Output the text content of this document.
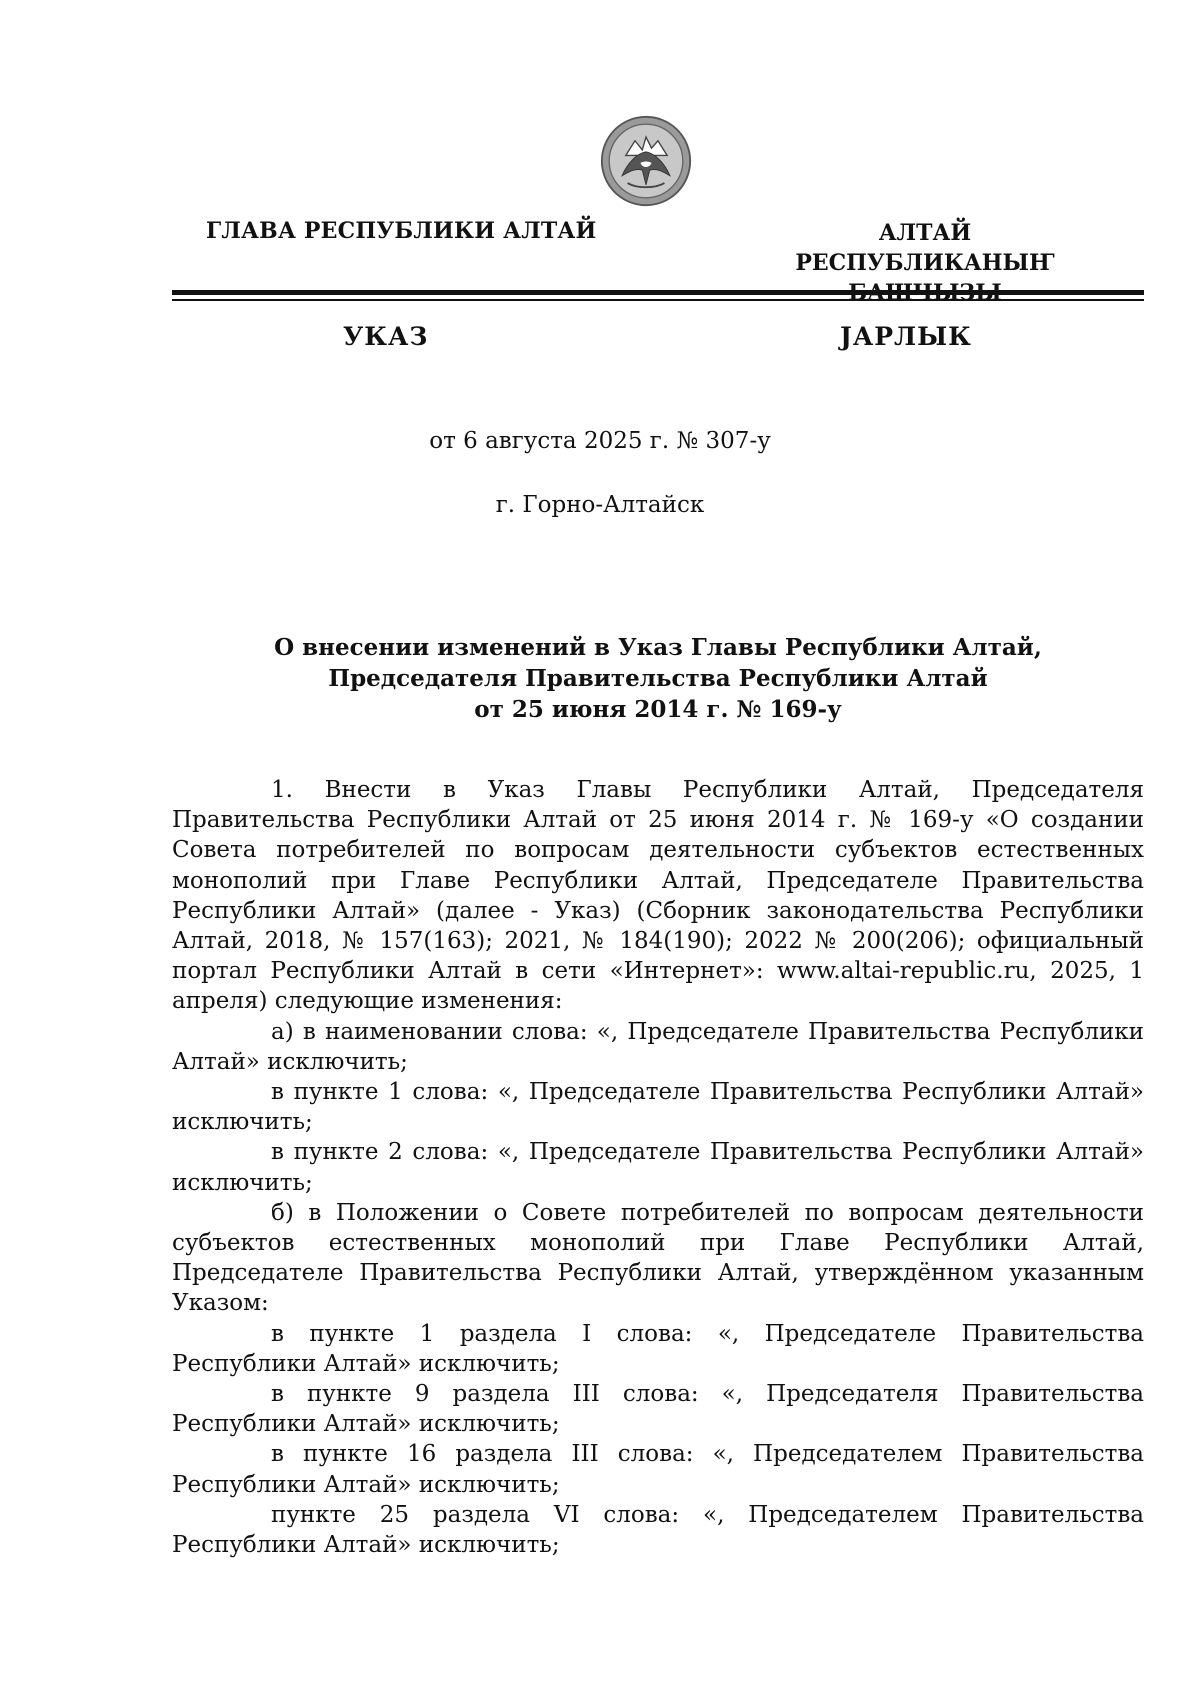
ГЛАВА РЕСПУБЛИКИ АЛТАЙ	АЛТАЙ РЕСПУБЛИКАНЫҤ
УКАЗ	ЈАРЛЫК
от 6 августа 2025 г. № 307-у
г. Горно-Алтайск
О внесении изменений в Указ Главы Республики Алтай,
Председателя Правительства Республики Алтай
от 25 июня 2014 г. № 169-у

1. Внести в Указ Главы Республики Алтай, Председателя Правительства Республики Алтай от 25 июня 2014 г. № 169-у «О создании Совета потребителей по вопросам деятельности субъектов естественных монополий при Главе Республики Алтай, Председателе Правительства Республики Алтай» (далее - Указ) (Сборник законодательства Республики Алтай, 2018, № 157(163); 2021, № 184(190); 2022 № 200(206); официальный портал Республики Алтай в сети «Интернет»: www.altai-republic.ru, 2025, 1 апреля) следующие изменения:

а) в наименовании слова: «, Председателе Правительства Республики Алтай» исключить;

в пункте 1 слова: «, Председателе Правительства Республики Алтай» исключить;

в пункте 2 слова: «, Председателе Правительства Республики Алтай» исключить;

б) в Положении о Совете потребителей по вопросам деятельности субъектов естественных монополий при Главе Республики Алтай, Председателе Правительства Республики Алтай, утверждённом указанным Указом:

в пункте 1 раздела I слова: «, Председателе Правительства Республики Алтай» исключить;

в пункте 9 раздела III слова: «, Председателя Правительства Республики Алтай» исключить;

в пункте 16 раздела III слова: «, Председателем Правительства Республики Алтай» исключить;

пункте 25 раздела VI слова: «, Председателем Правительства Республики Алтай» исключить;
